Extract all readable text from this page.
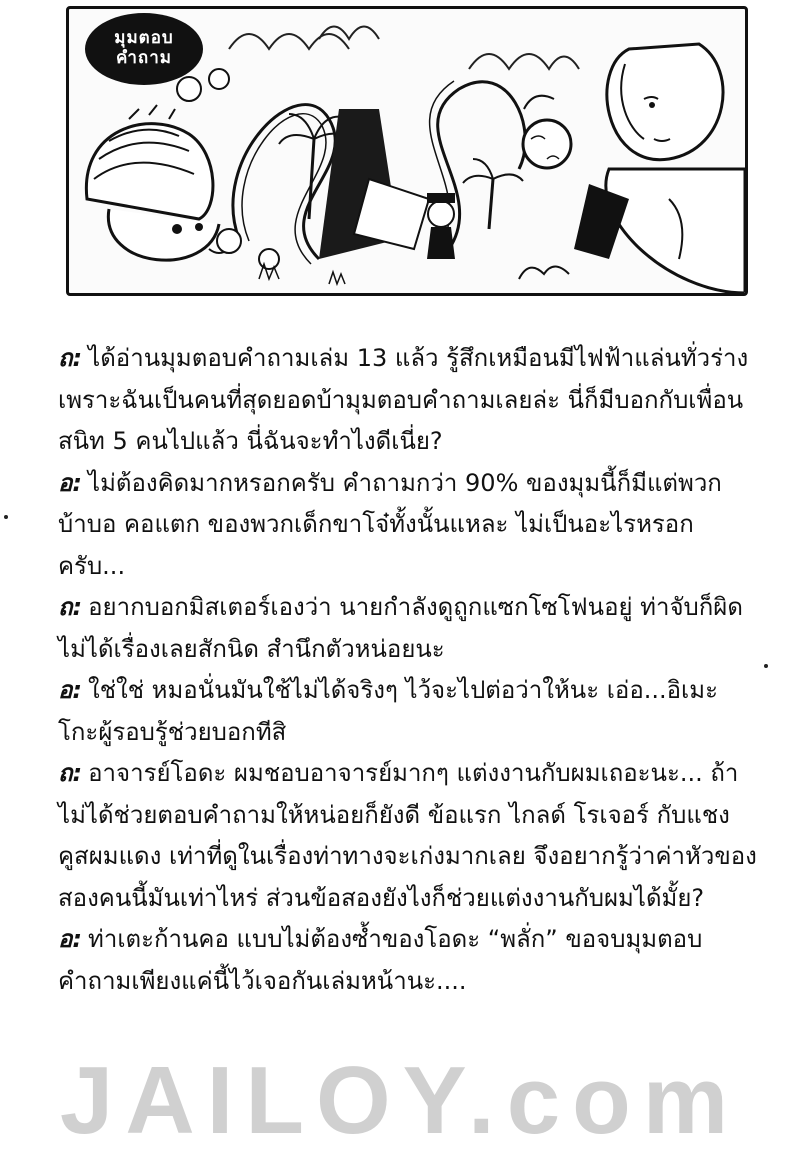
มุมตอบ
คำถาม

ถ: ได้อ่านมุมตอบคำถามเล่ม 13 แล้ว รู้สึกเหมือนมีไฟฟ้าแล่นทั่วร่าง เพราะฉันเป็นคนที่สุดยอดบ้ามุมตอบคำถามเลยล่ะ นี่ก็มีบอกกับเพื่อนสนิท 5 คนไปแล้ว นี่ฉันจะทำไงดีเนี่ย?

อ: ไม่ต้องคิดมากหรอกครับ คำถามกว่า 90% ของมุมนี้ก็มีแต่พวก บ้าบอ คอแตก ของพวกเด็กขาโจ๋ทั้งนั้นแหละ ไม่เป็นอะไรหรอกครับ...

ถ: อยากบอกมิสเตอร์เองว่า นายกำลังดูถูกแซกโซโฟนอยู่ ท่าจับก็ผิดไม่ได้เรื่องเลยสักนิด สำนึกตัวหน่อยนะ

อ: ใช่ใช่ หมอนั่นมันใช้ไม่ได้จริงๆ ไว้จะไปต่อว่าให้นะ เอ่อ...อิเมะโกะผู้รอบรู้ช่วยบอกทีสิ

ถ: อาจารย์โอดะ ผมชอบอาจารย์มากๆ แต่งงานกับผมเถอะนะ... ถ้าไม่ได้ช่วยตอบคำถามให้หน่อยก็ยังดี ข้อแรก ไกลด์ โรเจอร์ กับแชงคูสผมแดง เท่าที่ดูในเรื่องท่าทางจะเก่งมากเลย จึงอยากรู้ว่าค่าหัวของสองคนนี้มันเท่าไหร่ ส่วนข้อสองยังไงก็ช่วยแต่งงานกับผมได้มั้ย?

อ: ท่าเตะก้านคอ แบบไม่ต้องซ้ำของโอดะ “พลั่ก” ขอจบมุมตอบคำถามเพียงแค่นี้ไว้เจอกันเล่มหน้านะ....

JAILOY.com
